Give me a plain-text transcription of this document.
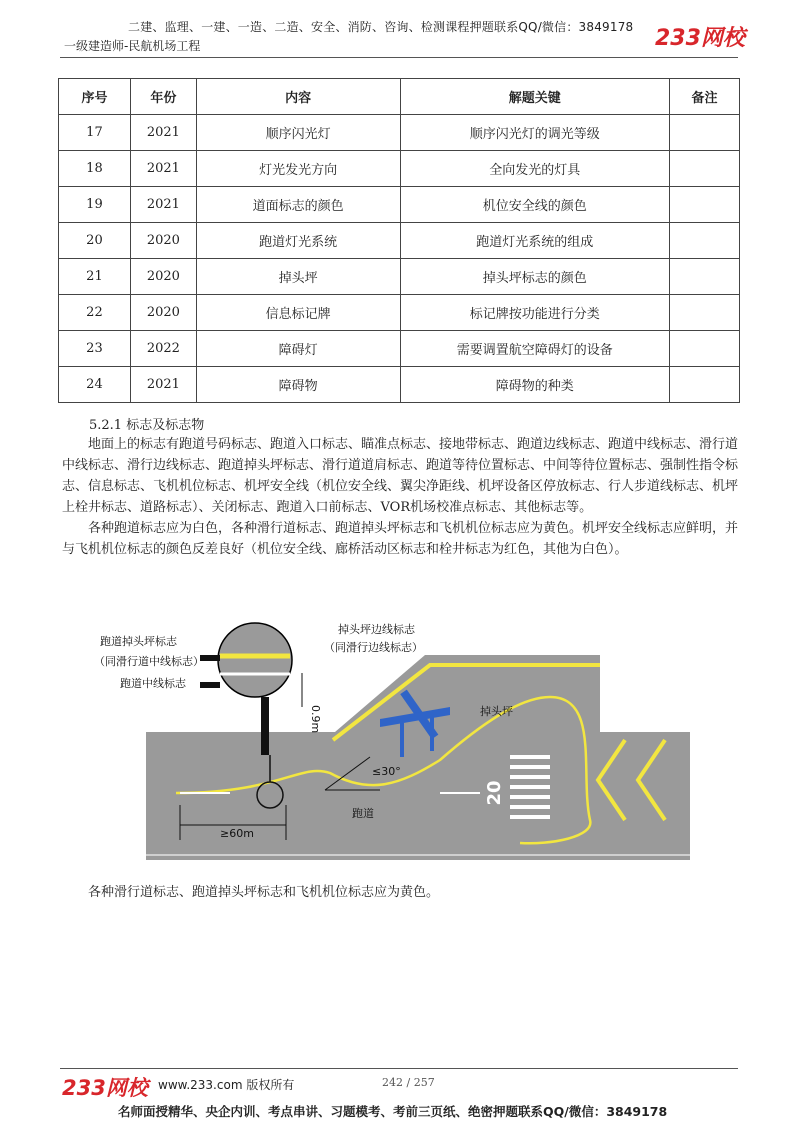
二建、监理、一建、一造、二造、安全、消防、咨询、检测课程押题联系QQ/微信：3849178
一级建造师-民航机场工程	233网校
序号	年份	内容	解题关键	备注
17	2021	顺序闪光灯	顺序闪光灯的调光等级	
18	2021	灯光发光方向	全向发光的灯具	
19	2021	道面标志的颜色	机位安全线的颜色	
20	2020	跑道灯光系统	跑道灯光系统的组成	
21	2020	掉头坪	掉头坪标志的颜色	
22	2020	信息标记牌	标记牌按功能进行分类	
23	2022	障碍灯	需要调置航空障碍灯的设备	
24	2021	障碍物	障碍物的种类	
5.2.1 标志及标志物

地面上的标志有跑道号码标志、跑道入口标志、瞄准点标志、接地带标志、跑道边线标志、跑道中线标志、滑行道中线标志、滑行边线标志、跑道掉头坪标志、滑行道道肩标志、跑道等待位置标志、中间等待位置标志、强制性指令标志、信息标志、飞机机位标志、机坪安全线（机位安全线、翼尖净距线、机坪设备区停放标志、行人步道线标志、机坪上栓井标志、道路标志）、关闭标志、跑道入口前标志、VOR机场校准点标志、其他标志等。

各种跑道标志应为白色，各种滑行道标志、跑道掉头坪标志和飞机机位标志应为黄色。机坪安全线标志应鲜明，并与飞机机位标志的颜色反差良好（机位安全线、廊桥活动区标志和栓井标志为红色，其他为白色）。

20
0.9m
≥60m
≤30°
跑道掉头坪标志
（同滑行道中线标志）
跑道中线标志
掉头坪边线标志
（同滑行边线标志）
掉头坪
跑道

各种滑行道标志、跑道掉头坪标志和飞机机位标志应为黄色。

233网校 www.233.com 版权所有	242 / 257
名师面授精华、央企内训、考点串讲、习题模考、考前三页纸、绝密押题联系QQ/微信：3849178
